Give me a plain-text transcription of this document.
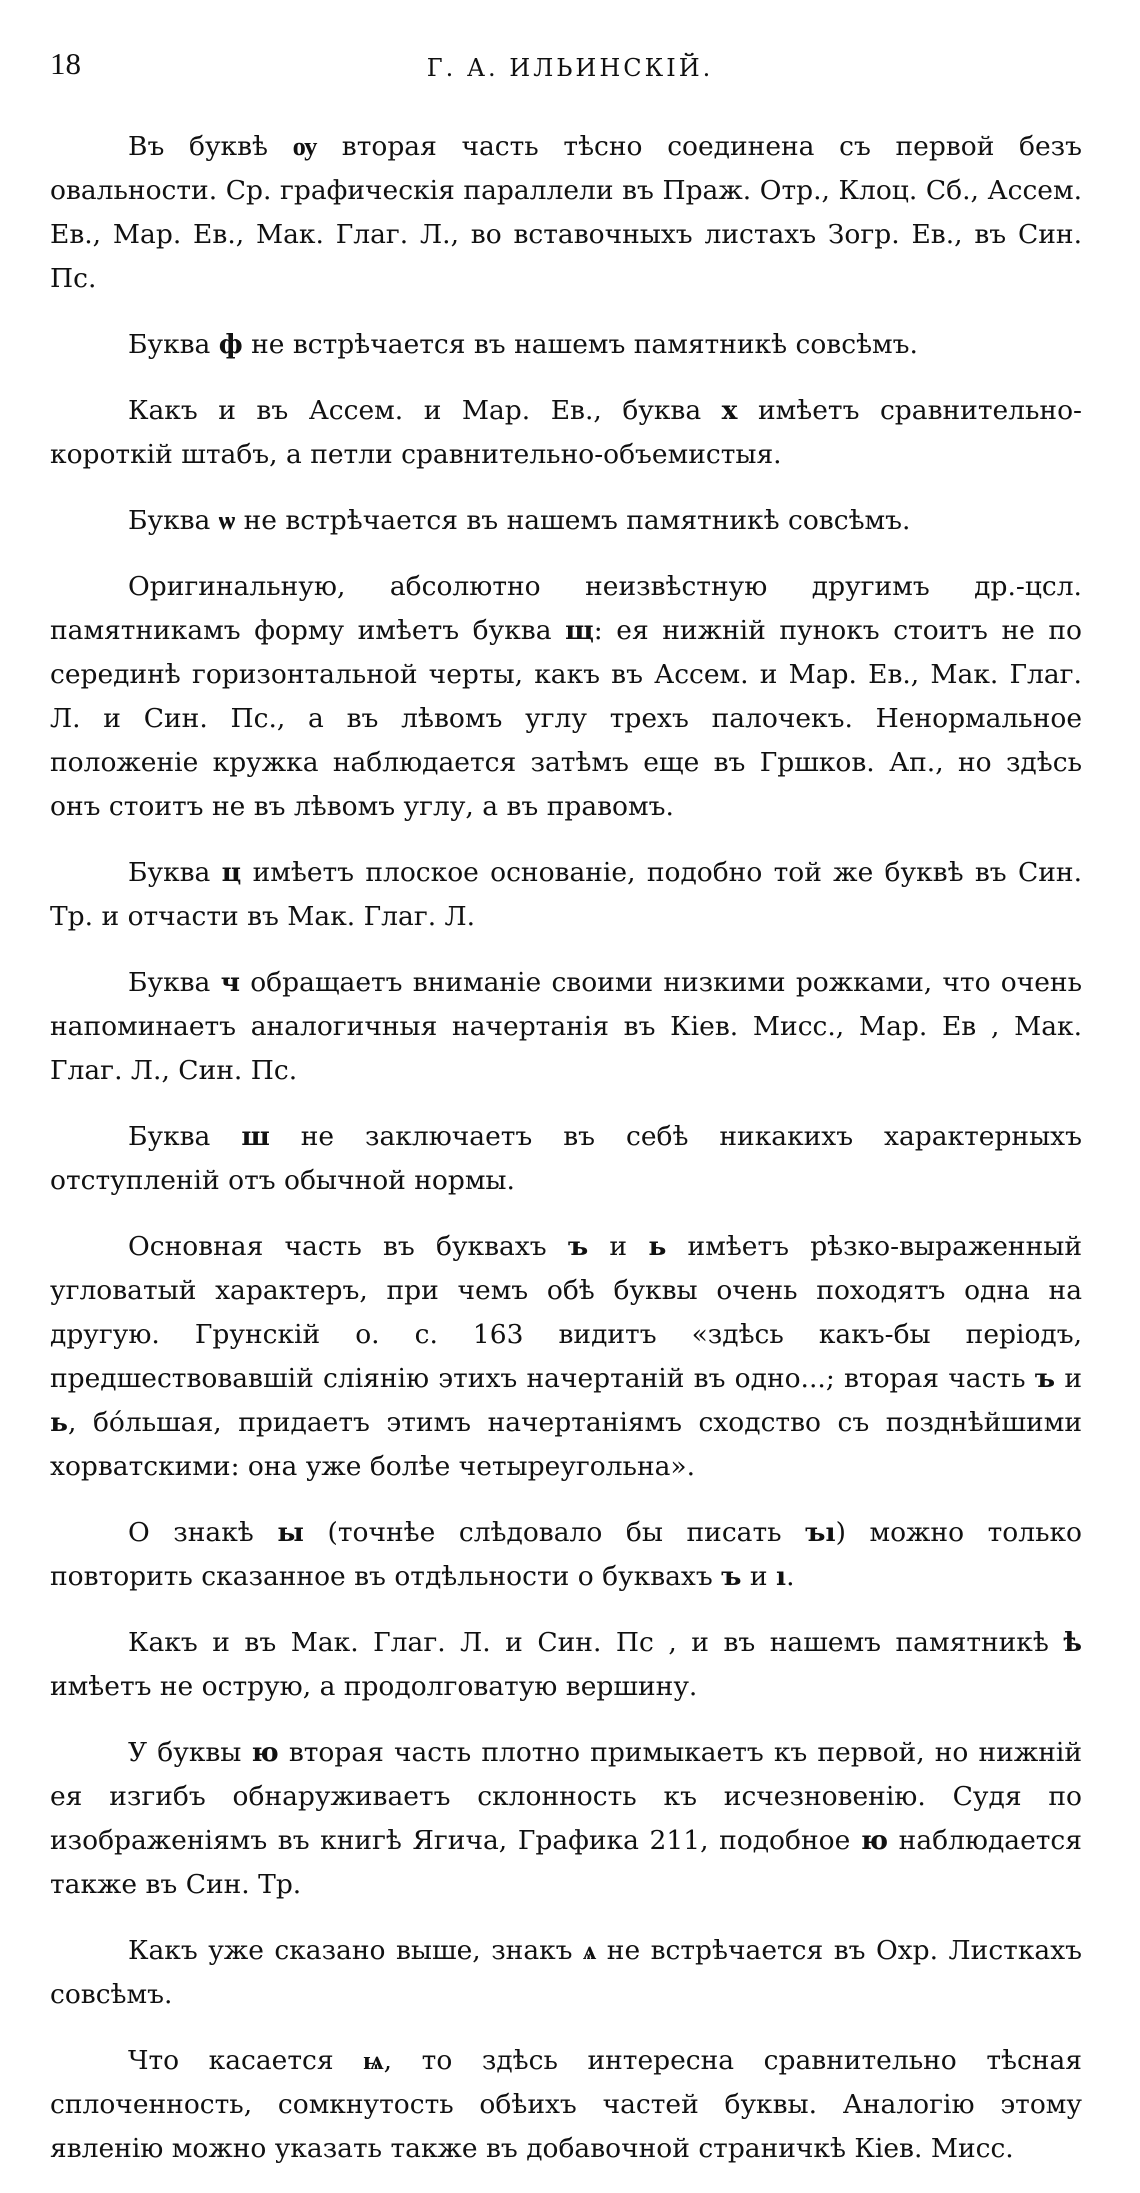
18	Г. А. ИЛЬИНСКІЙ.

Въ буквѣ ѹ вторая часть тѣсно соединена съ первой безъ овальности. Ср. графическія параллели въ Праж. Отр., Клоц. Сб., Ассем. Ев., Мар. Ев., Мак. Глаг. Л., во вставочныхъ листахъ Зогр. Ев., въ Син. Пс.

Буква ф не встрѣчается въ нашемъ памятникѣ совсѣмъ.

Какъ и въ Ассем. и Мар. Ев., буква х имѣетъ сравнительно-короткій штабъ, а петли сравнительно-объемистыя.

Буква ѡ не встрѣчается въ нашемъ памятникѣ совсѣмъ.

Оригинальную, абсолютно неизвѣстную другимъ др.-цсл. памятникамъ форму имѣетъ буква щ: ея нижній пунокъ стоитъ не по серединѣ горизонтальной черты, какъ въ Ассем. и Мар. Ев., Мак. Глаг. Л. и Син. Пс., а въ лѣвомъ углу трехъ палочекъ. Ненормальное положеніе кружка наблюдается затѣмъ еще въ Гршков. Ап., но здѣсь онъ стоитъ не въ лѣвомъ углу, а въ правомъ.

Буква ц имѣетъ плоское основаніе, подобно той же буквѣ въ Син. Тр. и отчасти въ Мак. Глаг. Л.

Буква ч обращаетъ вниманіе своими низкими рожками, что очень напоминаетъ аналогичныя начертанія въ Кіев. Мисс., Мар. Ев , Мак. Глаг. Л., Син. Пс.

Буква ш не заключаетъ въ себѣ никакихъ характерныхъ отступленій отъ обычной нормы.

Основная часть въ буквахъ ъ и ь имѣетъ рѣзко-выраженный угловатый характеръ, при чемъ обѣ буквы очень походятъ одна на другую. Грунскій о. с. 163 видитъ «здѣсь какъ-бы періодъ, предшествовавшій сліянію этихъ начертаній въ одно...; вторая часть ъ и ь, бóльшая, придаетъ этимъ начертаніямъ сходство съ позднѣйшими хорватскими: она уже болѣе четыреугольна».

О знакѣ ы (точнѣе слѣдовало бы писать ъı) можно только повторить сказанное въ отдѣльности о буквахъ ъ и ı.

Какъ и въ Мак. Глаг. Л. и Син. Пс , и въ нашемъ памятникѣ ѣ имѣетъ не острую, а продолговатую вершину.

У буквы ю вторая часть плотно примыкаетъ къ первой, но нижній ея изгибъ обнаруживаетъ склонность къ исчезновенію. Судя по изображеніямъ въ книгѣ Ягича, Графика 211, подобное ю наблюдается также въ Син. Тр.

Какъ уже сказано выше, знакъ ѧ не встрѣчается въ Охр. Листкахъ совсѣмъ.

Что касается ѩ, то здѣсь интересна сравнительно тѣсная сплоченность, сомкнутость обѣихъ частей буквы. Аналогію этому явленію можно указать также въ добавочной страничкѣ Кіев. Мисс.
